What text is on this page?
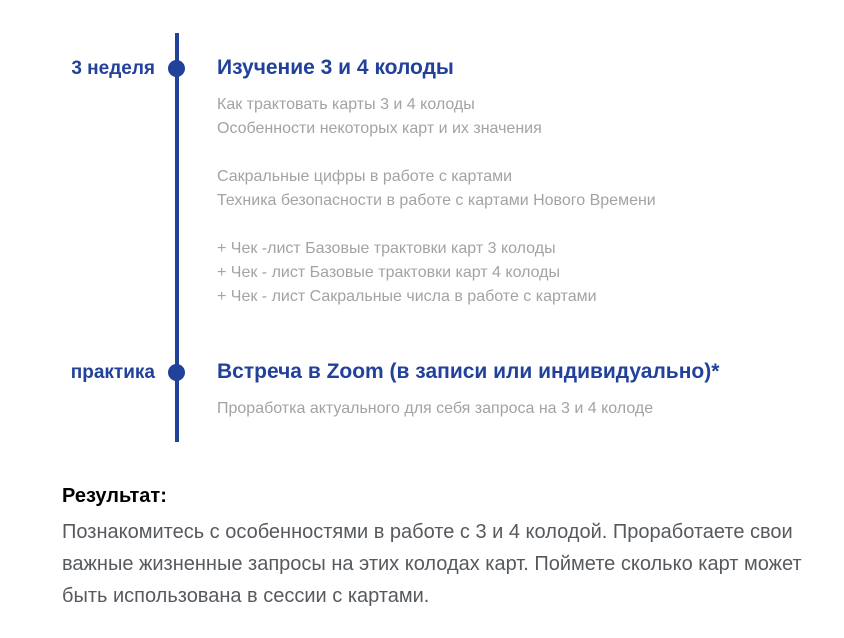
3 неделя	Изучение 3 и 4 колоды

Как трактовать карты 3 и 4 колоды

Особенности некоторых карт и их значения

Сакральные цифры в работе с картами

Техника безопасности в работе с картами Нового Времени

+ Чек -лист Базовые трактовки карт 3 колоды

+ Чек - лист Базовые трактовки карт 4 колоды

+ Чек - лист Сакральные числа в работе с картами

практика	Встреча в Zoom (в записи или индивидуально)*

Проработка актуального для себя запроса на 3 и 4 колоде

Результат:

Познакомитесь с особенностями в работе с 3 и 4 колодой. Проработаете свои важные жизненные запросы на этих колодах карт. Поймете сколько карт может быть использована в сессии с картами.
